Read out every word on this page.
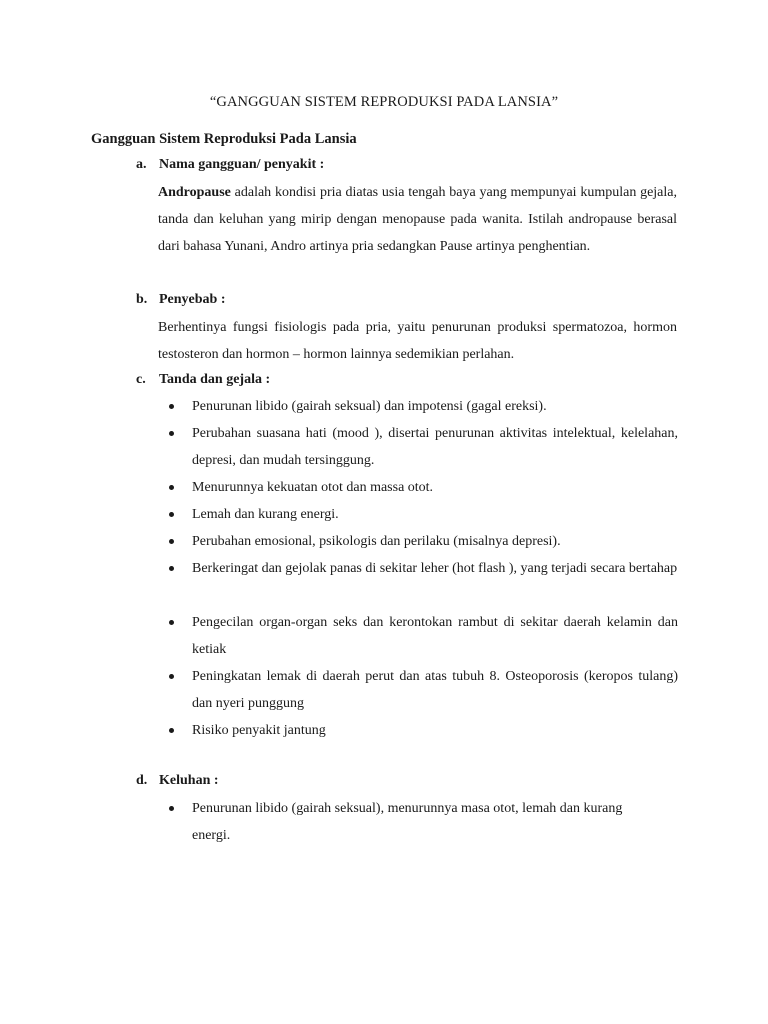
“GANGGUAN SISTEM REPRODUKSI PADA LANSIA”
Gangguan Sistem Reproduksi Pada Lansia
a. Nama gangguan/ penyakit :
Andropause adalah kondisi pria diatas usia tengah baya yang mempunyai kumpulan gejala, tanda dan keluhan yang mirip dengan menopause pada wanita. Istilah andropause berasal dari bahasa Yunani, Andro artinya pria sedangkan Pause artinya penghentian.
b. Penyebab :
Berhentinya fungsi fisiologis pada pria, yaitu penurunan produksi spermatozoa, hormon testosteron dan hormon – hormon lainnya sedemikian perlahan.
c. Tanda dan gejala :
Penurunan libido (gairah seksual) dan impotensi (gagal ereksi).
Perubahan suasana hati (mood ), disertai penurunan aktivitas intelektual, kelelahan, depresi, dan mudah tersinggung.
Menurunnya kekuatan otot dan massa otot.
Lemah dan kurang energi.
Perubahan emosional, psikologis dan perilaku (misalnya depresi).
Berkeringat dan gejolak panas di sekitar leher (hot flash ), yang terjadi secara bertahap
Pengecilan organ-organ seks dan kerontokan rambut di sekitar daerah kelamin dan ketiak
Peningkatan lemak di daerah perut dan atas tubuh 8. Osteoporosis (keropos tulang) dan nyeri punggung
Risiko penyakit jantung
d. Keluhan :
Penurunan libido (gairah seksual), menurunnya masa otot, lemah dan kurang energi.
